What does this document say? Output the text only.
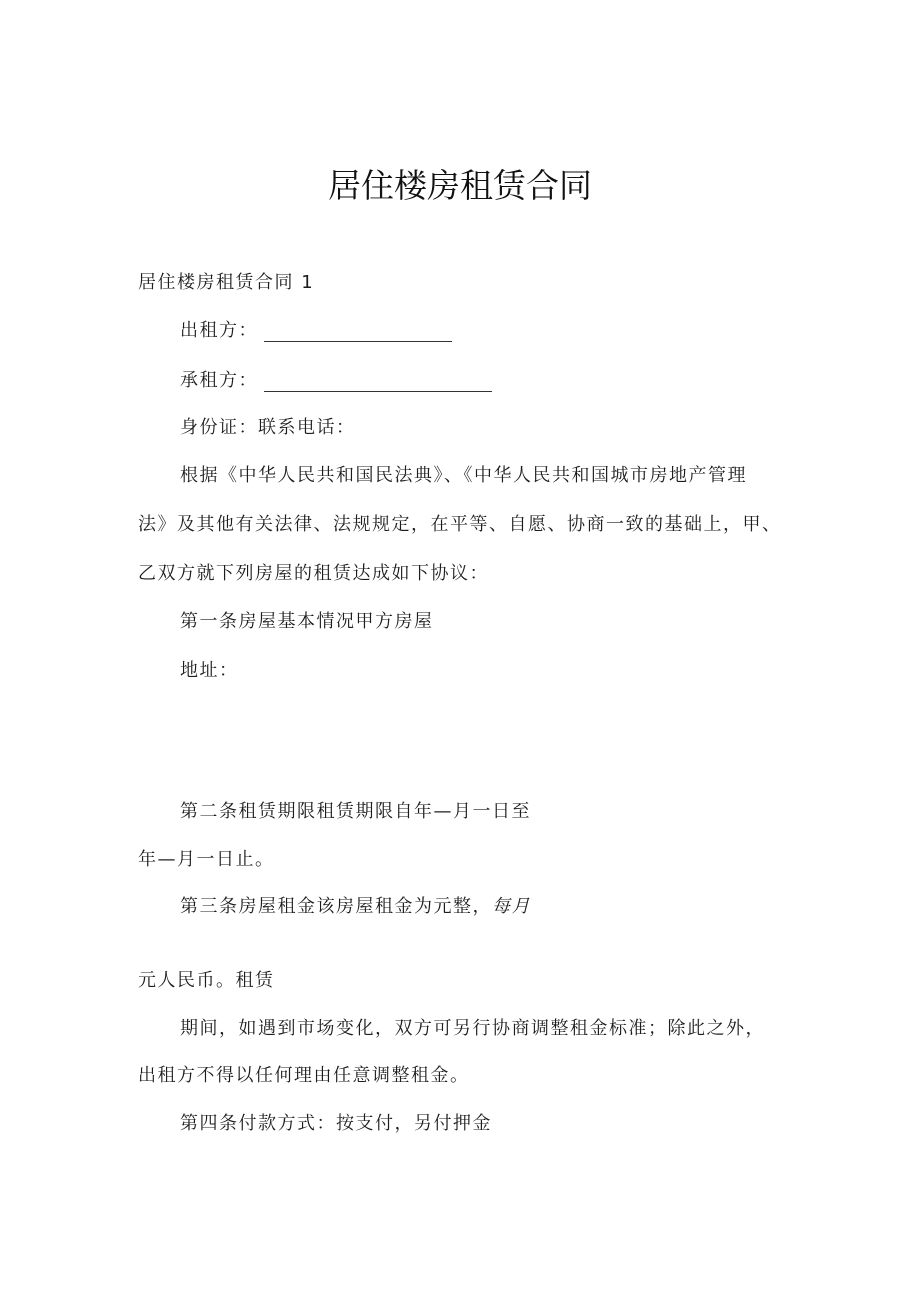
居住楼房租赁合同
居住楼房租赁合同 1
出租方：
承租方：
身份证：联系电话：
根据《中华人民共和国民法典》、《中华人民共和国城市房地产管理
法》及其他有关法律、法规规定，在平等、自愿、协商一致的基础上，甲、
乙双方就下列房屋的租赁达成如下协议：
第一条房屋基本情况甲方房屋
地址：
第二条租赁期限租赁期限自年—月一日至
年—月一日止。
第三条房屋租金该房屋租金为元整，每月
元人民币。租赁
期间，如遇到市场变化，双方可另行协商调整租金标准；除此之外，
出租方不得以任何理由任意调整租金。
第四条付款方式：按支付，另付押金
